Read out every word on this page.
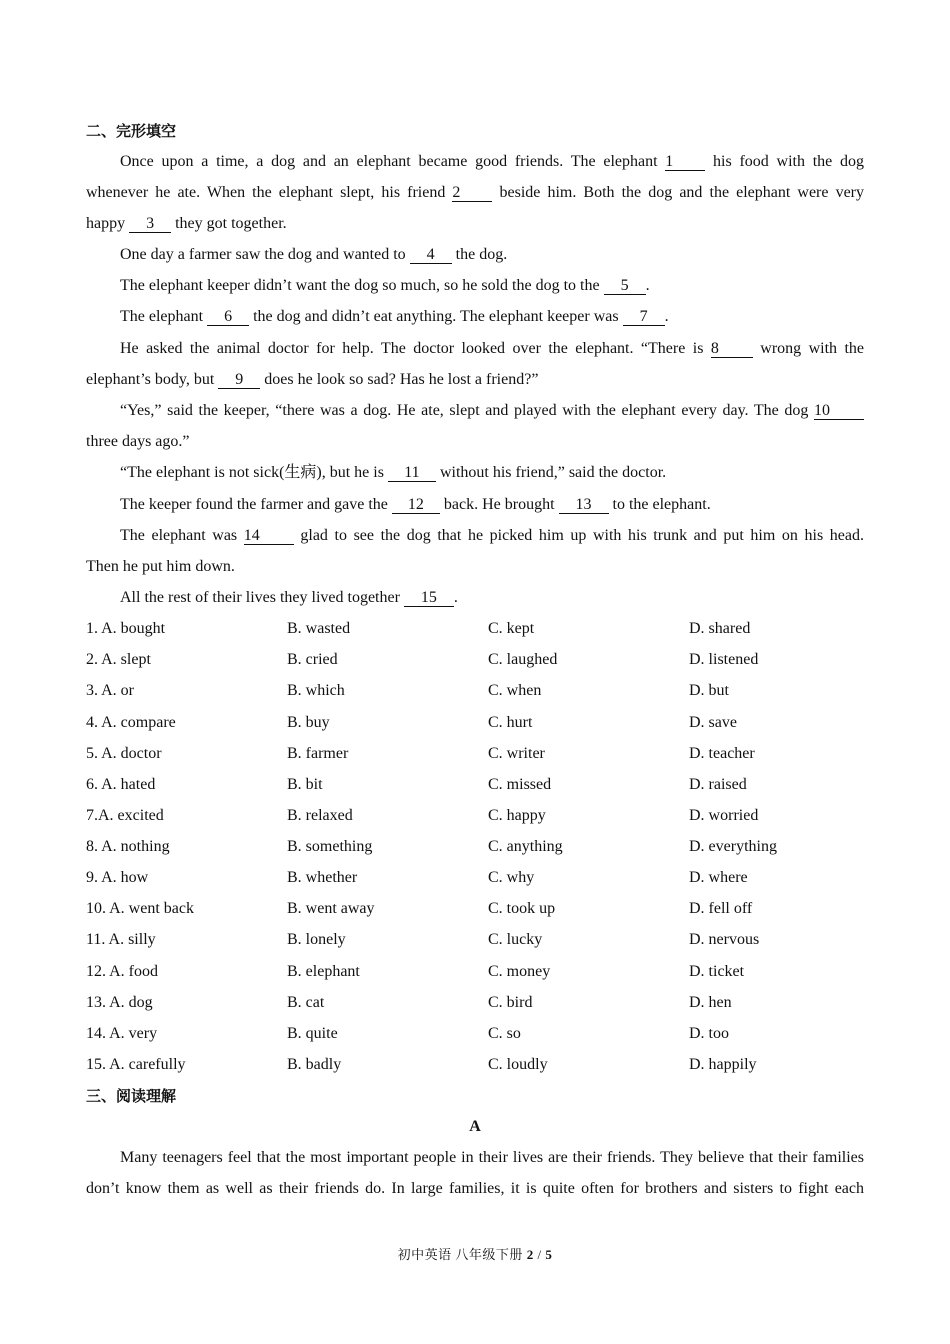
二、完形填空
Once upon a time, a dog and an elephant became good friends. The elephant 1 his food with the dog
whenever he ate. When the elephant slept, his friend 2 beside him. Both the dog and the elephant were very
happy 3 they got together.
One day a farmer saw the dog and wanted to 4 the dog.
The elephant keeper didn’t want the dog so much, so he sold the dog to the 5 .
The elephant 6 the dog and didn’t eat anything. The elephant keeper was 7 .
He asked the animal doctor for help. The doctor looked over the elephant. “There is 8 wrong with the
elephant’s body, but 9 does he look so sad? Has he lost a friend?”
“Yes,” said the keeper, “there was a dog. He ate, slept and played with the elephant every day. The dog 10
three days ago.”
“The elephant is not sick(生病), but he is 11 without his friend,” said the doctor.
The keeper found the farmer and gave the 12 back. He brought 13 to the elephant.
The elephant was 14 glad to see the dog that he picked him up with his trunk and put him on his head.
Then he put him down.
All the rest of their lives they lived together 15 .
1. A. bought	B. wasted	C. kept	D. shared
2. A. slept	B. cried	C. laughed	D. listened
3. A. or	B. which	C. when	D. but
4. A. compare	B. buy	C. hurt	D. save
5. A. doctor	B. farmer	C. writer	D. teacher
6. A. hated	B. bit	C. missed	D. raised
7.A. excited	B. relaxed	C. happy	D. worried
8. A. nothing	B. something	C. anything	D. everything
9. A. how	B. whether	C. why	D. where
10. A. went back	B. went away	C. took up	D. fell off
11. A. silly	B. lonely	C. lucky	D. nervous
12. A. food	B. elephant	C. money	D. ticket
13. A. dog	B. cat	C. bird	D. hen
14. A. very	B. quite	C. so	D. too
15. A. carefully	B. badly	C. loudly	D. happily
三、阅读理解
A
Many teenagers feel that the most important people in their lives are their friends. They believe that their families
don’t know them as well as their friends do. In large families, it is quite often for brothers and sisters to fight each
初中英语 八年级下册 2 / 5
